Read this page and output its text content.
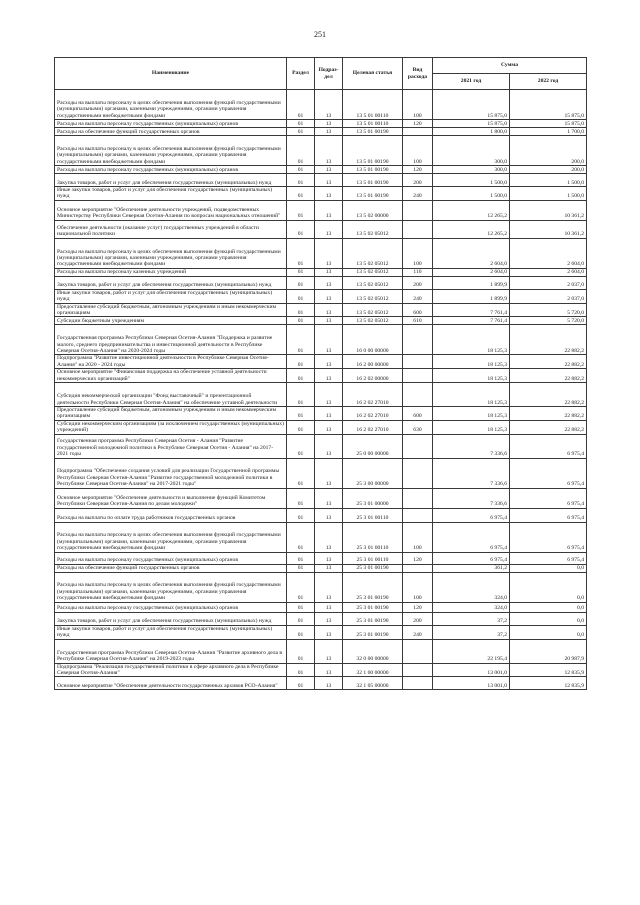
251
Наименование	Раздел	Подраз-дел	Целевая статья	Вид расхода	Сумма	
					2021 год	2022 год
Расходы на выплаты персоналу в целях обеспечения выполнения функций государственными (муниципальными) органами, казенными учреждениями, органами управления государственными внебюджетными фондами	01	13	13 5 01 00110	100	15 875,0	15 875,0
Расходы на выплаты персоналу государственных (муниципальных) органов	01	13	13 5 01 00110	120	15 875,0	15 875,0
Расходы на обеспечение функций государственных органов	01	13	13 5 01 00190		1 800,0	1 700,0
Расходы на выплаты персоналу в целях обеспечения выполнения функций государственными (муниципальными) органами, казенными учреждениями, органами управления государственными внебюджетными фондами	01	13	13 5 01 00190	100	300,0	200,0
Расходы на выплаты персоналу государственных (муниципальных) органов	01	13	13 5 01 00190	120	300,0	200,0
Закупка товаров, работ и услуг для обеспечения государственных (муниципальных) нужд	01	13	13 5 01 00190	200	1 500,0	1 500,0
Иные закупки товаров, работ и услуг для обеспечения государственных (муниципальных) нужд	01	13	13 5 01 00190	240	1 500,0	1 500,0
Основное мероприятие "Обеспечение деятельности учреждений, подведомственных Министерству Республики Северная Осетия-Алания по вопросам национальных отношений"	01	13	13 5 02 00000		12 265,2	10 361,2
Обеспечение деятельности (оказание услуг) государственных учреждений в области национальной политики	01	13	13 5 02 05012		12 265,2	10 361,2
Расходы на выплаты персоналу в целях обеспечения выполнения функций государственными (муниципальными) органами, казенными учреждениями, органами управления государственными внебюджетными фондами	01	13	13 5 02 05012	100	2 604,0	2 604,0
Расходы на выплаты персоналу казенных учреждений	01	13	13 5 02 05012	110	2 604,0	2 604,0
Закупка товаров, работ и услуг для обеспечения государственных (муниципальных) нужд	01	13	13 5 02 05012	200	1 899,9	2 037,0
Иные закупки товаров, работ и услуг для обеспечения государственных (муниципальных) нужд	01	13	13 5 02 05012	240	1 899,9	2 037,0
Предоставление субсидий бюджетным, автономным учреждениям и иным некоммерческим организациям	01	13	13 5 02 05012	600	7 761,4	5 720,0
Субсидии бюджетным учреждениям	01	13	13 5 02 05012	610	7 761,4	5 720,0
Государственная программа Республики Северная Осетия-Алания "Поддержка и развитие малого, среднего предпринимательства и инвестиционной деятельности в Республике Северная Осетия-Алания" на 2020-2024 годы	01	13	16 0 00 00000		18 125,3	22 882,2
Подпрограмма "Развитие инвестиционной деятельности в Республике Северная Осетия-Алания" на 2020 - 2024 годы	01	13	16 2 00 00000		18 125,3	22 882,2
Основное мероприятие "Финансовая поддержка на обеспечение уставной деятельности некоммерческих организаций"	01	13	16 2 02 00000		18 125,3	22 882,2
Субсидия некоммерческой организации "Фонд выставочный" и презентационной деятельности Республики Северная Осетия-Алания" на обеспечение уставной деятельности	01	13	16 2 02 27010		18 125,3	22 882,2
Предоставление субсидий бюджетным, автономным учреждениям и иным некоммерческим организациям	01	13	16 2 02 27010	600	18 125,3	22 882,2
Субсидии некоммерческим организациям (за исключением государственных (муниципальных) учреждений)	01	13	16 2 02 27010	630	18 125,3	22 882,2
Государственная программа Республики Северная Осетия - Алания "Развитие государственной молодежной политики в Республике Северная Осетия - Алания" на 2017-2021 годы	01	13	25 0 00 00000		7 336,6	6 975,4
Подпрограмма "Обеспечение создания условий для реализации Государственной программы Республики Северная Осетия-Алания "Развитие государственной молодежной политики в Республике Северная Осетия-Алания" на 2017-2021 годы"	01	13	25 3 00 00000		7 336,6	6 975,4
Основное мероприятие "Обеспечение деятельности и выполнение функций Комитетом Республики Северная Осетия-Алания по делам молодежи"	01	13	25 3 01 00000		7 336,6	6 975,4
Расходы на выплаты по оплате труда работников государственных органов	01	13	25 3 01 00110		6 975,4	6 975,4
Расходы на выплаты персоналу в целях обеспечения выполнения функций государственными (муниципальными) органами, казенными учреждениями, органами управления государственными внебюджетными фондами	01	13	25 3 01 00110	100	6 975,4	6 975,4
Расходы на выплаты персоналу государственных (муниципальных) органов	01	13	25 3 01 00110	120	6 975,4	6 975,4
Расходы на обеспечение функций государственных органов	01	13	25 3 01 00190		361,2	0,0
Расходы на выплаты персоналу в целях обеспечения выполнения функций государственными (муниципальными) органами, казенными учреждениями, органами управления государственными внебюджетными фондами	01	13	25 3 01 00190	100	324,0	0,0
Расходы на выплаты персоналу государственных (муниципальных) органов	01	13	25 3 01 00190	120	324,0	0,0
Закупка товаров, работ и услуг для обеспечения государственных (муниципальных) нужд	01	13	25 3 01 00190	200	37,2	0,0
Иные закупки товаров, работ и услуг для обеспечения государственных (муниципальных) нужд	01	13	25 3 01 00190	240	37,2	0,0
Государственная программа Республики Северная Осетия-Алания "Развитие архивного дела в Республике Северная Осетия-Алания" на 2019-2023 годы	01	13	32 0 00 00000		22 195,4	20 987,9
Подпрограмма "Реализация государственной политики в сфере архивного дела в Республике Северная Осетия-Алания"	01	13	32 1 00 00000		13 001,0	12 835,9
Основное мероприятие "Обеспечение деятельности государственных архивов РСО-Алания"	01	13	32 1 05 00000		13 001,0	12 835,9
